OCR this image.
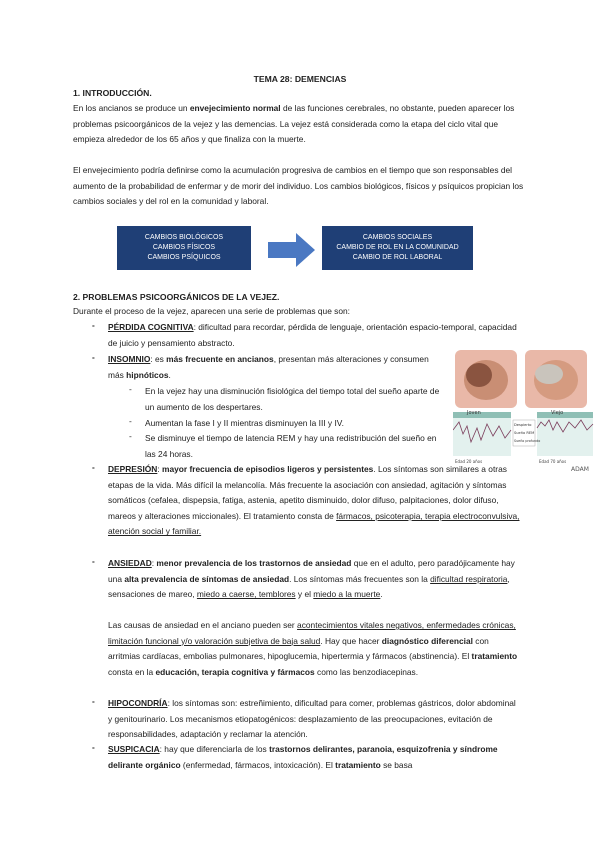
TEMA 28: DEMENCIAS
1. INTRODUCCIÓN.
En los ancianos se produce un envejecimiento normal de las funciones cerebrales, no obstante, pueden aparecer los problemas psicoorgánicos de la vejez y las demencias. La vejez está considerada como la etapa del ciclo vital que empieza alrededor de los 65 años y que finaliza con la muerte.
El envejecimiento podría definirse como la acumulación progresiva de cambios en el tiempo que son responsables del aumento de la probabilidad de enfermar y de morir del individuo. Los cambios biológicos, físicos y psíquicos propician los cambios sociales y del rol en la comunidad y laboral.
CAMBIOS BIOLÓGICOS
CAMBIOS FÍSICOS
CAMBIOS PSÍQUICOS
CAMBIOS SOCIALES
CAMBIO DE ROL EN LA COMUNIDAD
CAMBIO DE ROL LABORAL
2. PROBLEMAS PSICOORGÁNICOS DE LA VEJEZ.
Durante el proceso de la vejez, aparecen una serie de problemas que son:
- PÉRDIDA COGNITIVA: dificultad para recordar, pérdida de lenguaje, orientación espacio-temporal, capacidad de juicio y pensamiento abstracto.
- INSOMNIO: es más frecuente en ancianos, presentan más alteraciones y consumen más hipnóticos.
- En la vejez hay una disminución fisiológica del tiempo total del sueño aparte de un aumento de los despertares.
- Aumentan la fase I y II mientras disminuyen la III y IV.
- Se disminuye el tiempo de latencia REM y hay una redistribución del sueño en las 24 horas.
Joven	Viejo
Despierto
Sueño REM
Sueño profundo
Edad 20 años	Edad 70 años
ADAM
- DEPRESIÓN: mayor frecuencia de episodios ligeros y persistentes. Los síntomas son similares a otras etapas de la vida. Más difícil la melancolía. Más frecuente la asociación con ansiedad, agitación y síntomas somáticos (cefalea, dispepsia, fatiga, astenia, apetito disminuido, dolor difuso, palpitaciones, dolor difuso, mareos y alteraciones miccionales). El tratamiento consta de fármacos, psicoterapia, terapia electroconvulsiva, atención social y familiar.
- ANSIEDAD: menor prevalencia de los trastornos de ansiedad que en el adulto, pero paradójicamente hay una alta prevalencia de síntomas de ansiedad. Los síntomas más frecuentes son la dificultad respiratoria, sensaciones de mareo, miedo a caerse, temblores y el miedo a la muerte.
Las causas de ansiedad en el anciano pueden ser acontecimientos vitales negativos, enfermedades crónicas, limitación funcional y/o valoración subjetiva de baja salud. Hay que hacer diagnóstico diferencial con arritmias cardíacas, embolias pulmonares, hipoglucemia, hipertermia y fármacos (abstinencia). El tratamiento consta en la educación, terapia cognitiva y fármacos como las benzodiacepinas.
- HIPOCONDRÍA: los síntomas son: estreñimiento, dificultad para comer, problemas gástricos, dolor abdominal y genitourinario. Los mecanismos etiopatogénicos: desplazamiento de las preocupaciones, evitación de responsabilidades, adaptación y reclamar la atención.
- SUSPICACIA: hay que diferenciarla de los trastornos delirantes, paranoia, esquizofrenia y síndrome delirante orgánico (enfermedad, fármacos, intoxicación). El tratamiento se basa
